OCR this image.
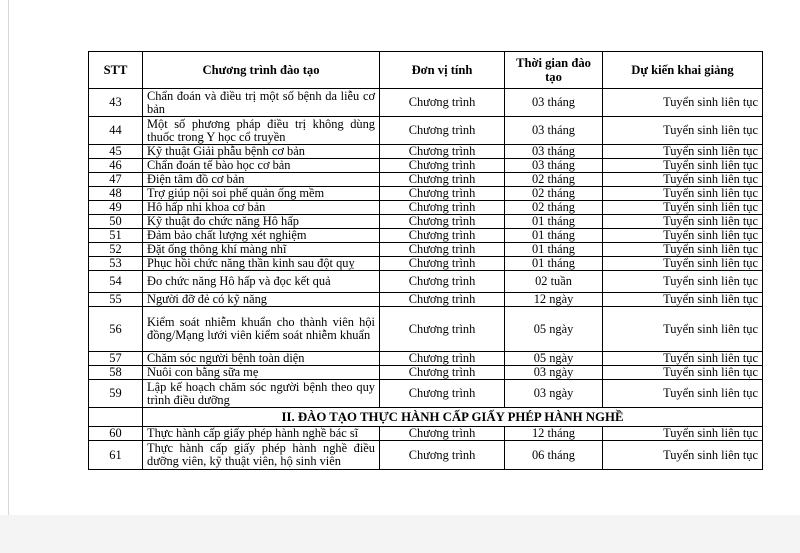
STT	Chương trình đào tạo	Đơn vị tính	Thời gian đào tạo	Dự kiến khai giảng
43	Chẩn đoán và điều trị một số bệnh da liễu cơ bản	Chương trình	03 tháng	Tuyển sinh liên tục
44	Một số phương pháp điều trị không dùng thuốc trong Y học cổ truyền	Chương trình	03 tháng	Tuyển sinh liên tục
45	Kỹ thuật Giải phẫu bệnh cơ bản	Chương trình	03 tháng	Tuyển sinh liên tục
46	Chẩn đoán tế bào học cơ bản	Chương trình	03 tháng	Tuyển sinh liên tục
47	Điện tâm đồ cơ bản	Chương trình	02 tháng	Tuyển sinh liên tục
48	Trợ giúp nội soi phế quản ống mềm	Chương trình	02 tháng	Tuyển sinh liên tục
49	Hô hấp nhi khoa cơ bản	Chương trình	02 tháng	Tuyển sinh liên tục
50	Kỹ thuật đo chức năng Hô hấp	Chương trình	01 tháng	Tuyển sinh liên tục
51	Đảm bảo chất lượng xét nghiệm	Chương trình	01 tháng	Tuyển sinh liên tục
52	Đặt ống thông khí màng nhĩ	Chương trình	01 tháng	Tuyển sinh liên tục
53	Phục hồi chức năng thần kinh sau đột quỵ	Chương trình	01 tháng	Tuyển sinh liên tục
54	Đo chức năng Hô hấp và đọc kết quả	Chương trình	02 tuần	Tuyển sinh liên tục
55	Người đỡ đẻ có kỹ năng	Chương trình	12 ngày	Tuyển sinh liên tục
56	Kiểm soát nhiễm khuẩn cho thành viên hội đồng/Mạng lưới viên kiểm soát nhiễm khuẩn	Chương trình	05 ngày	Tuyển sinh liên tục
57	Chăm sóc người bệnh toàn diện	Chương trình	05 ngày	Tuyển sinh liên tục
58	Nuôi con bằng sữa mẹ	Chương trình	03 ngày	Tuyển sinh liên tục
59	Lập kế hoạch chăm sóc người bệnh theo quy trình điều dưỡng	Chương trình	03 ngày	Tuyển sinh liên tục
	II. ĐÀO TẠO THỰC HÀNH CẤP GIẤY PHÉP HÀNH NGHỀ			
60	Thực hành cấp giấy phép hành nghề bác sĩ	Chương trình	12 tháng	Tuyển sinh liên tục
61	Thực hành cấp giấy phép hành nghề điều dưỡng viên, kỹ thuật viên, hộ sinh viên	Chương trình	06 tháng	Tuyển sinh liên tục
